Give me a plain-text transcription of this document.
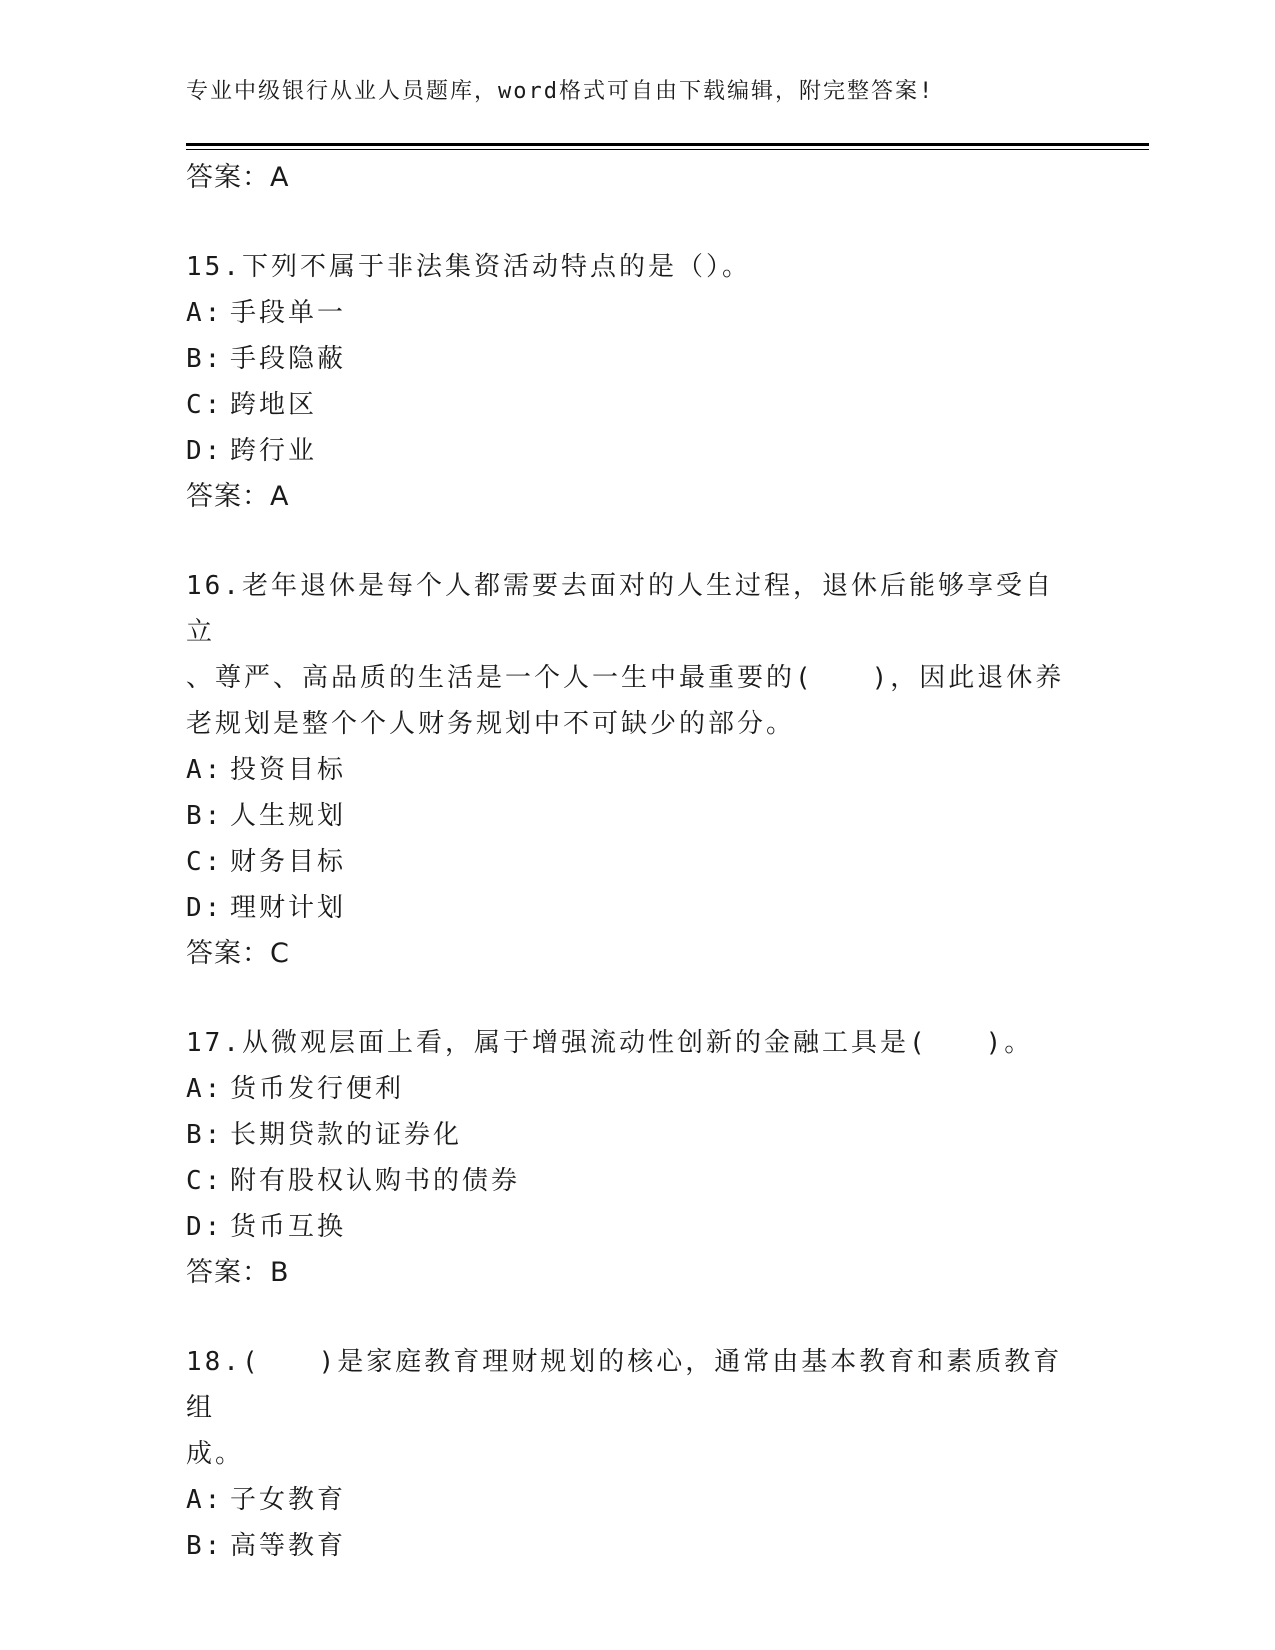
专业中级银行从业人员题库，word格式可自由下载编辑，附完整答案!
答案：A
15.下列不属于非法集资活动特点的是（）。
A: 手段单一
B: 手段隐蔽
C: 跨地区
D: 跨行业
答案：A
16.老年退休是每个人都需要去面对的人生过程，退休后能够享受自立
、尊严、高品质的生活是一个人一生中最重要的(　　)，因此退休养
老规划是整个个人财务规划中不可缺少的部分。
A: 投资目标
B: 人生规划
C: 财务目标
D: 理财计划
答案：C
17.从微观层面上看，属于增强流动性创新的金融工具是(　　)。
A: 货币发行便利
B: 长期贷款的证券化
C: 附有股权认购书的债券
D: 货币互换
答案：B
18.(　　)是家庭教育理财规划的核心，通常由基本教育和素质教育组
成。
A: 子女教育
B: 高等教育
